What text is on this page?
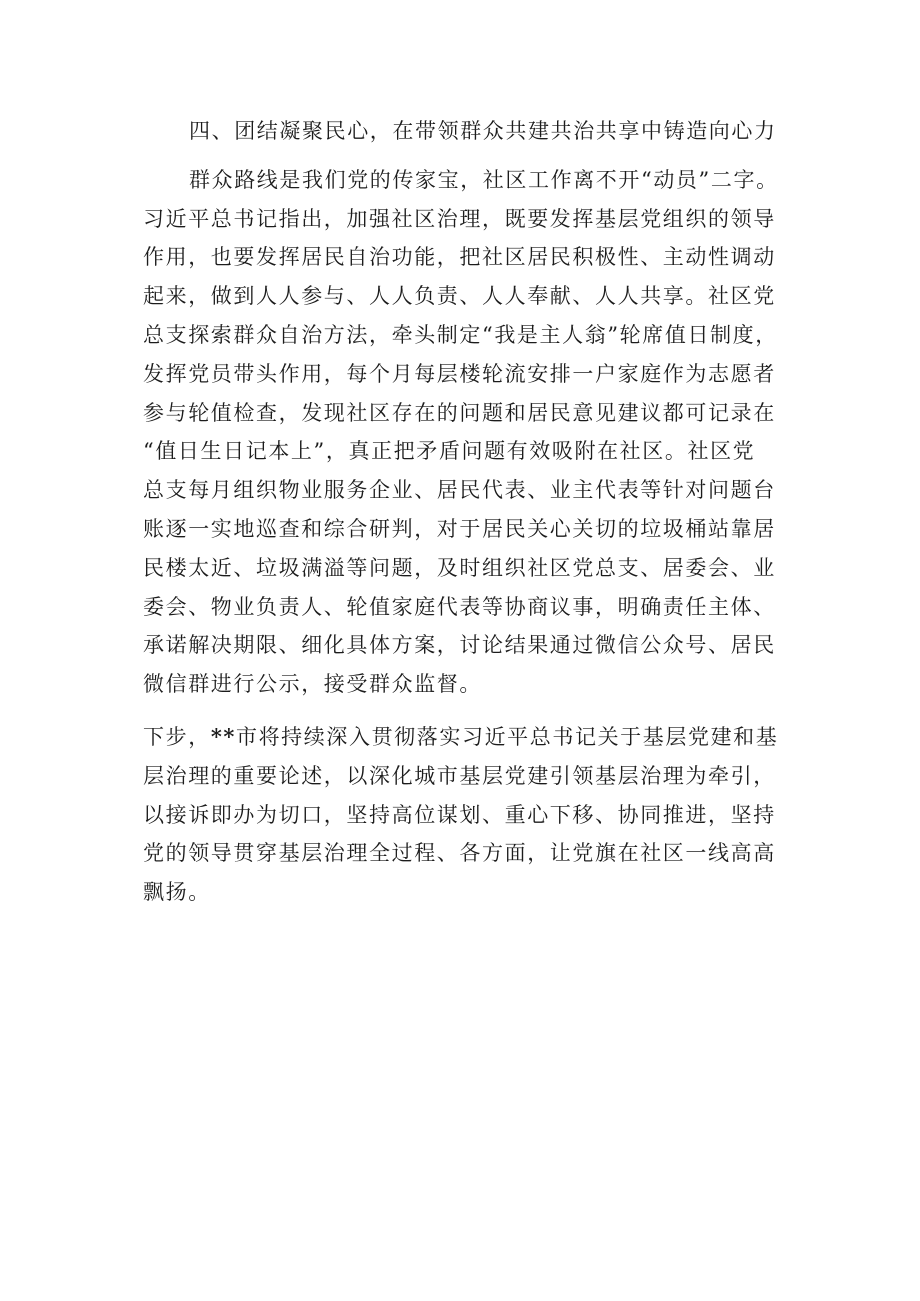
四、团结凝聚民心，在带领群众共建共治共享中铸造向心力
群众路线是我们党的传家宝，社区工作离不开“动员”二字。
习近平总书记指出，加强社区治理，既要发挥基层党组织的领导
作用，也要发挥居民自治功能，把社区居民积极性、主动性调动
起来，做到人人参与、人人负责、人人奉献、人人共享。社区党
总支探索群众自治方法，牵头制定“我是主人翁”轮席值日制度，
发挥党员带头作用，每个月每层楼轮流安排一户家庭作为志愿者
参与轮值检查，发现社区存在的问题和居民意见建议都可记录在
“值日生日记本上”，真正把矛盾问题有效吸附在社区。社区党
总支每月组织物业服务企业、居民代表、业主代表等针对问题台
账逐一实地巡查和综合研判，对于居民关心关切的垃圾桶站靠居
民楼太近、垃圾满溢等问题，及时组织社区党总支、居委会、业
委会、物业负责人、轮值家庭代表等协商议事，明确责任主体、
承诺解决期限、细化具体方案，讨论结果通过微信公众号、居民
微信群进行公示，接受群众监督。
下步，**市将持续深入贯彻落实习近平总书记关于基层党建和基
层治理的重要论述，以深化城市基层党建引领基层治理为牵引，
以接诉即办为切口，坚持高位谋划、重心下移、协同推进，坚持
党的领导贯穿基层治理全过程、各方面，让党旗在社区一线高高
飘扬。
